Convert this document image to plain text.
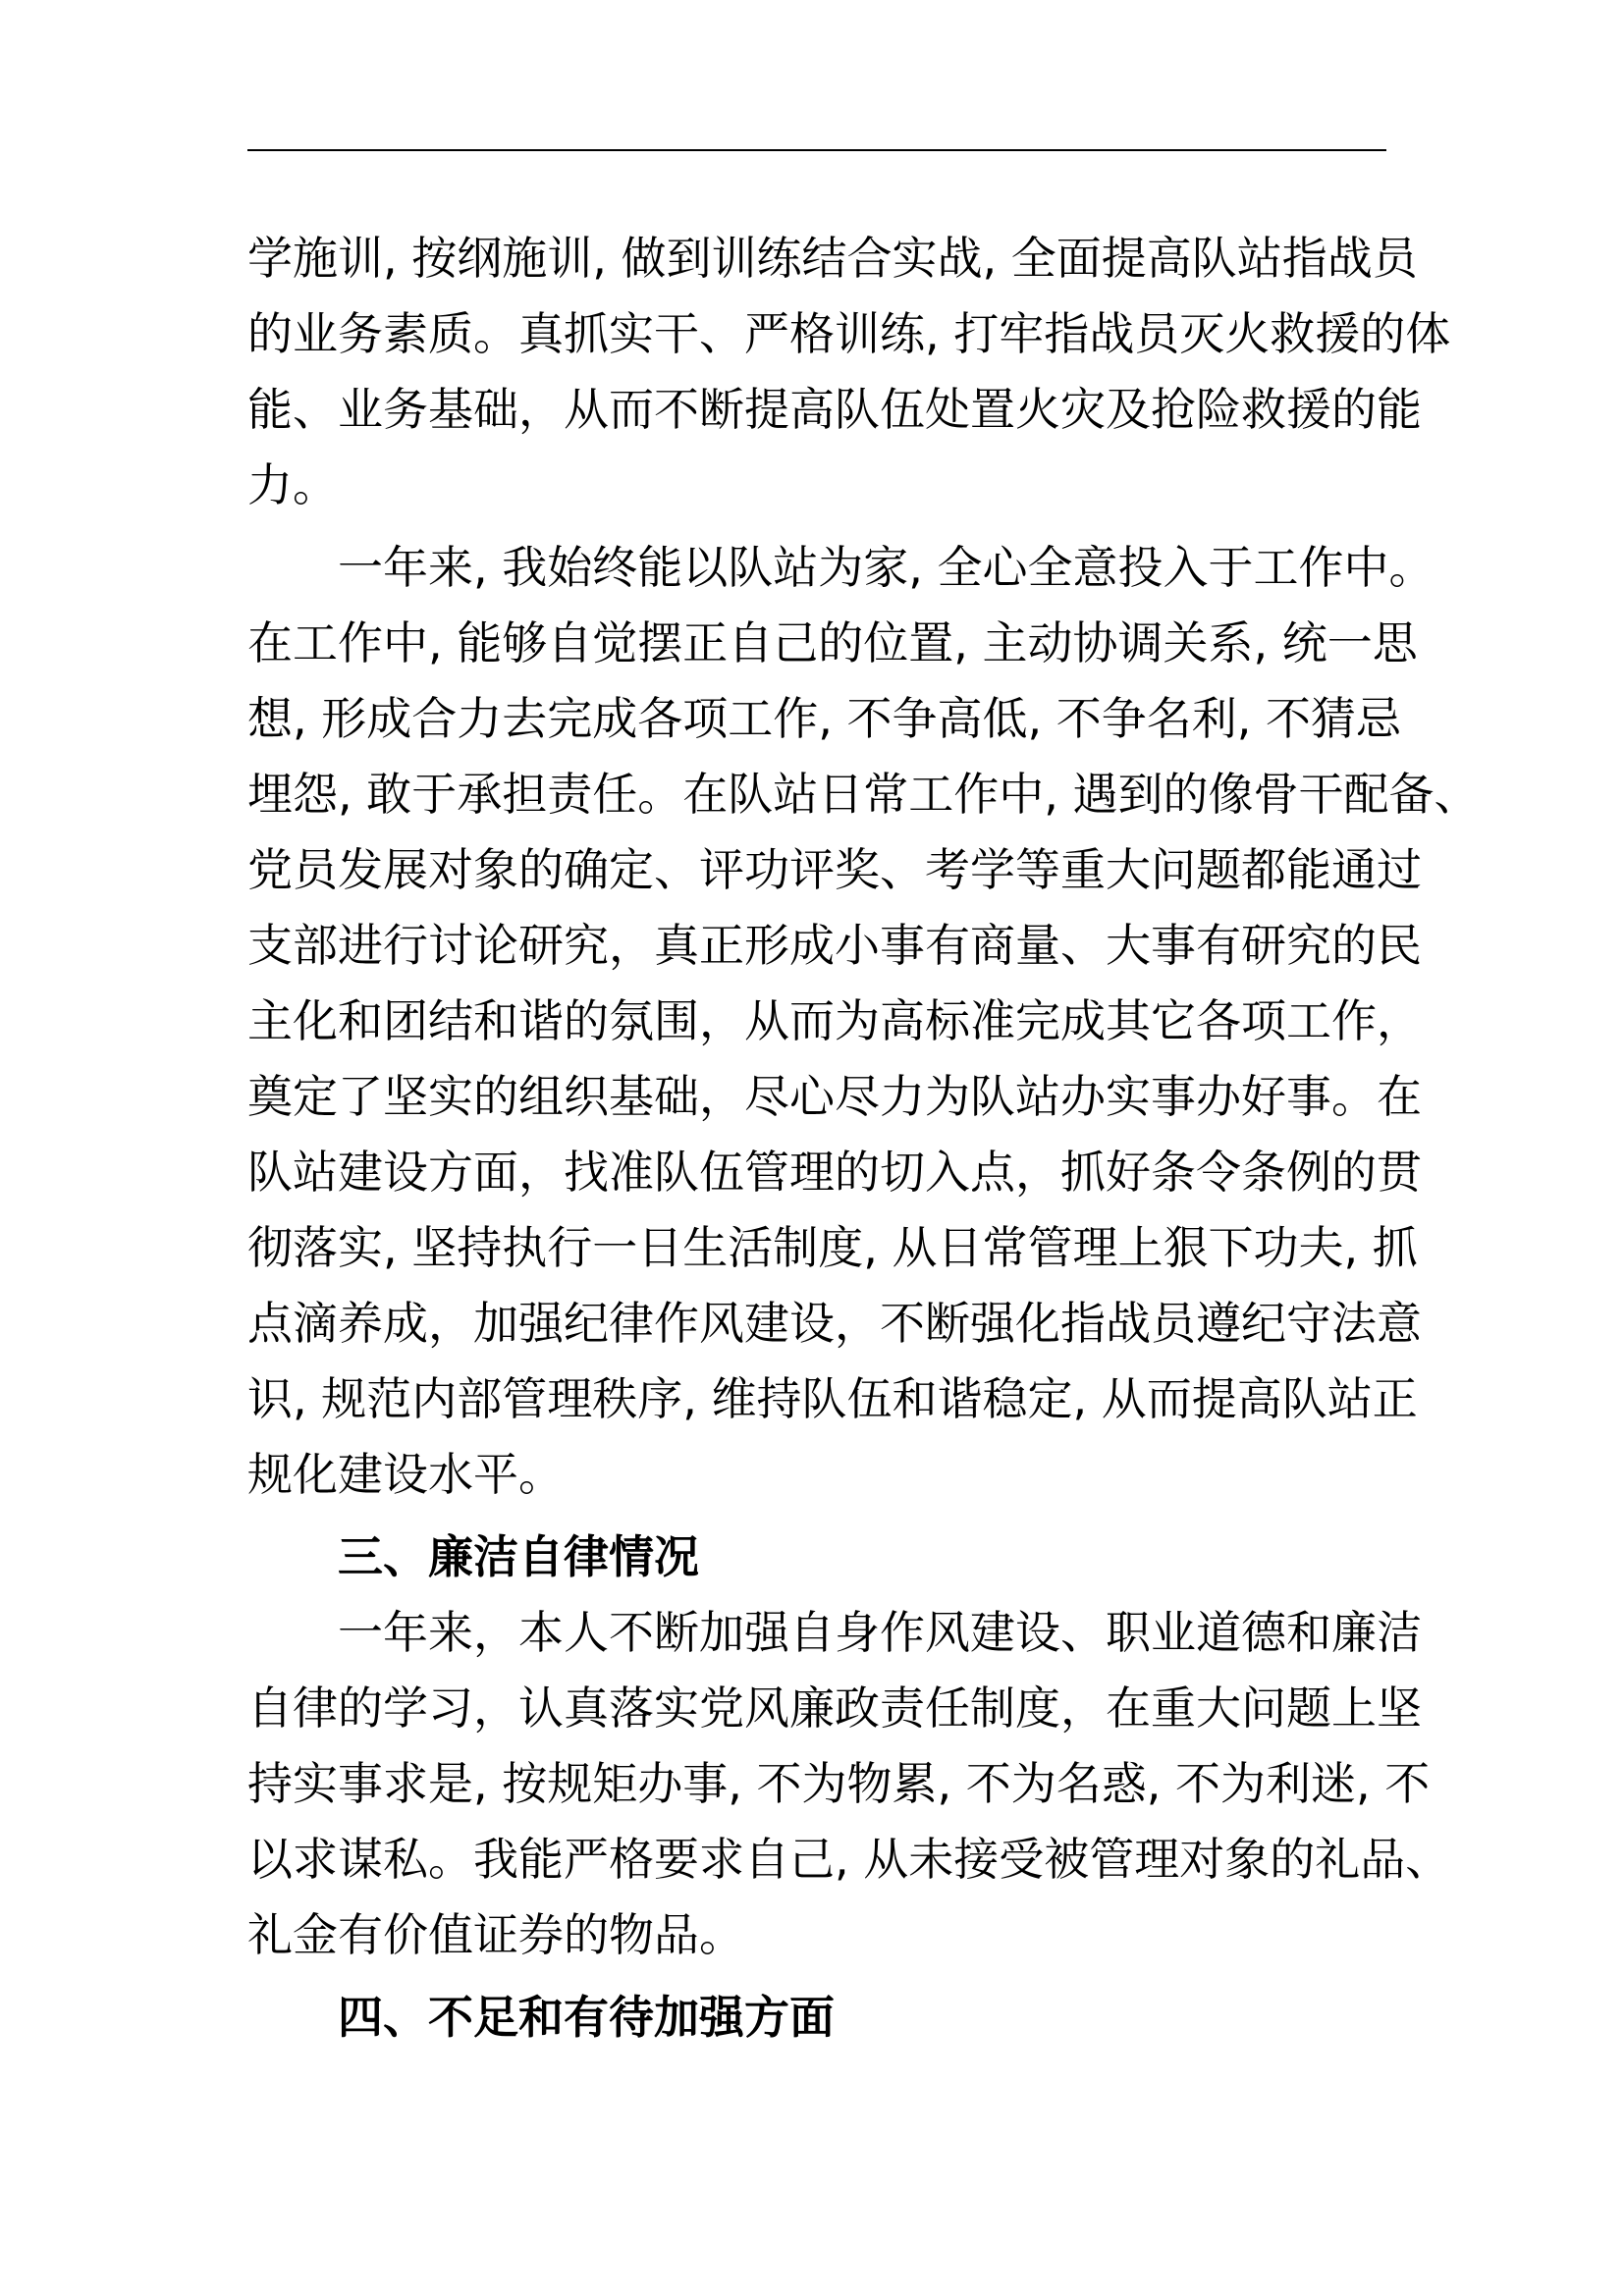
学施训, 按纲施训, 做到训练结合实战, 全面提高队站指战员
的业务素质。真抓实干、严格训练, 打牢指战员灭火救援的体
能、业务基础，从而不断提高队伍处置火灾及抢险救援的能
力。
一年来, 我始终能以队站为家, 全心全意投入于工作中。
在工作中, 能够自觉摆正自己的位置, 主动协调关系, 统一思
想, 形成合力去完成各项工作, 不争高低, 不争名利, 不猜忌
埋怨, 敢于承担责任。在队站日常工作中, 遇到的像骨干配备、
党员发展对象的确定、评功评奖、考学等重大问题都能通过
支部进行讨论研究，真正形成小事有商量、大事有研究的民
主化和团结和谐的氛围，从而为高标准完成其它各项工作，
奠定了坚实的组织基础，尽心尽力为队站办实事办好事。在
队站建设方面，找准队伍管理的切入点，抓好条令条例的贯
彻落实, 坚持执行一日生活制度, 从日常管理上狠下功夫, 抓
点滴养成，加强纪律作风建设，不断强化指战员遵纪守法意
识, 规范内部管理秩序, 维持队伍和谐稳定, 从而提高队站正
规化建设水平。
三、廉洁自律情况
一年来，本人不断加强自身作风建设、职业道德和廉洁
自律的学习，认真落实党风廉政责任制度，在重大问题上坚
持实事求是, 按规矩办事, 不为物累, 不为名惑, 不为利迷, 不
以求谋私。我能严格要求自己, 从未接受被管理对象的礼品、
礼金有价值证券的物品。
四、不足和有待加强方面
